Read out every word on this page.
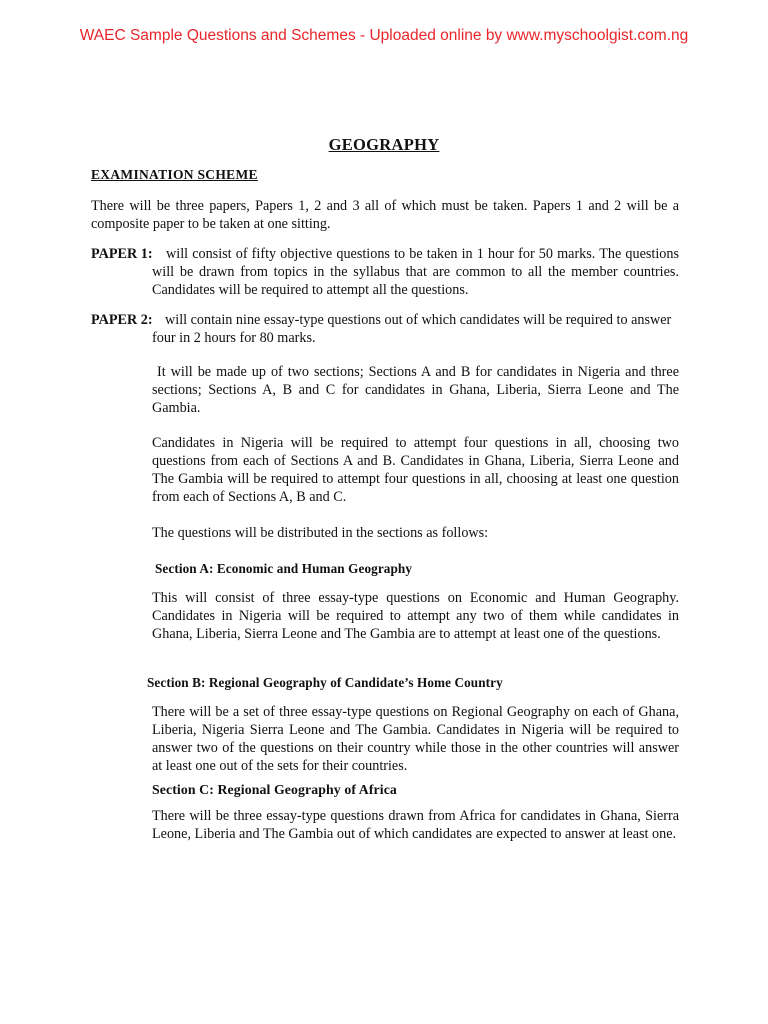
WAEC Sample Questions and Schemes - Uploaded online by www.myschoolgist.com.ng
GEOGRAPHY
EXAMINATION SCHEME

There will be three papers, Papers 1, 2 and 3 all of which must be taken. Papers 1 and 2 will be a composite paper to be taken at one sitting.

PAPER 1: will consist of fifty objective questions to be taken in 1 hour for 50 marks. The questions will be drawn from topics in the syllabus that are common to all the member countries. Candidates will be required to attempt all the questions.

PAPER 2: will contain nine essay-type questions out of which candidates will be required to answer four in 2 hours for 80 marks.

It will be made up of two sections; Sections A and B for candidates in Nigeria and three sections; Sections A, B and C for candidates in Ghana, Liberia, Sierra Leone and The Gambia.

Candidates in Nigeria will be required to attempt four questions in all, choosing two questions from each of Sections A and B. Candidates in Ghana, Liberia, Sierra Leone and The Gambia will be required to attempt four questions in all, choosing at least one question from each of Sections A, B and C.

The questions will be distributed in the sections as follows:

Section A: Economic and Human Geography

This will consist of three essay-type questions on Economic and Human Geography. Candidates in Nigeria will be required to attempt any two of them while candidates in Ghana, Liberia, Sierra Leone and The Gambia are to attempt at least one of the questions.

Section B: Regional Geography of Candidate’s Home Country

There will be a set of three essay-type questions on Regional Geography on each of Ghana, Liberia, Nigeria Sierra Leone and The Gambia. Candidates in Nigeria will be required to answer two of the questions on their country while those in the other countries will answer at least one out of the sets for their countries.

Section C: Regional Geography of Africa

There will be three essay-type questions drawn from Africa for candidates in Ghana, Sierra Leone, Liberia and The Gambia out of which candidates are expected to answer at least one.
